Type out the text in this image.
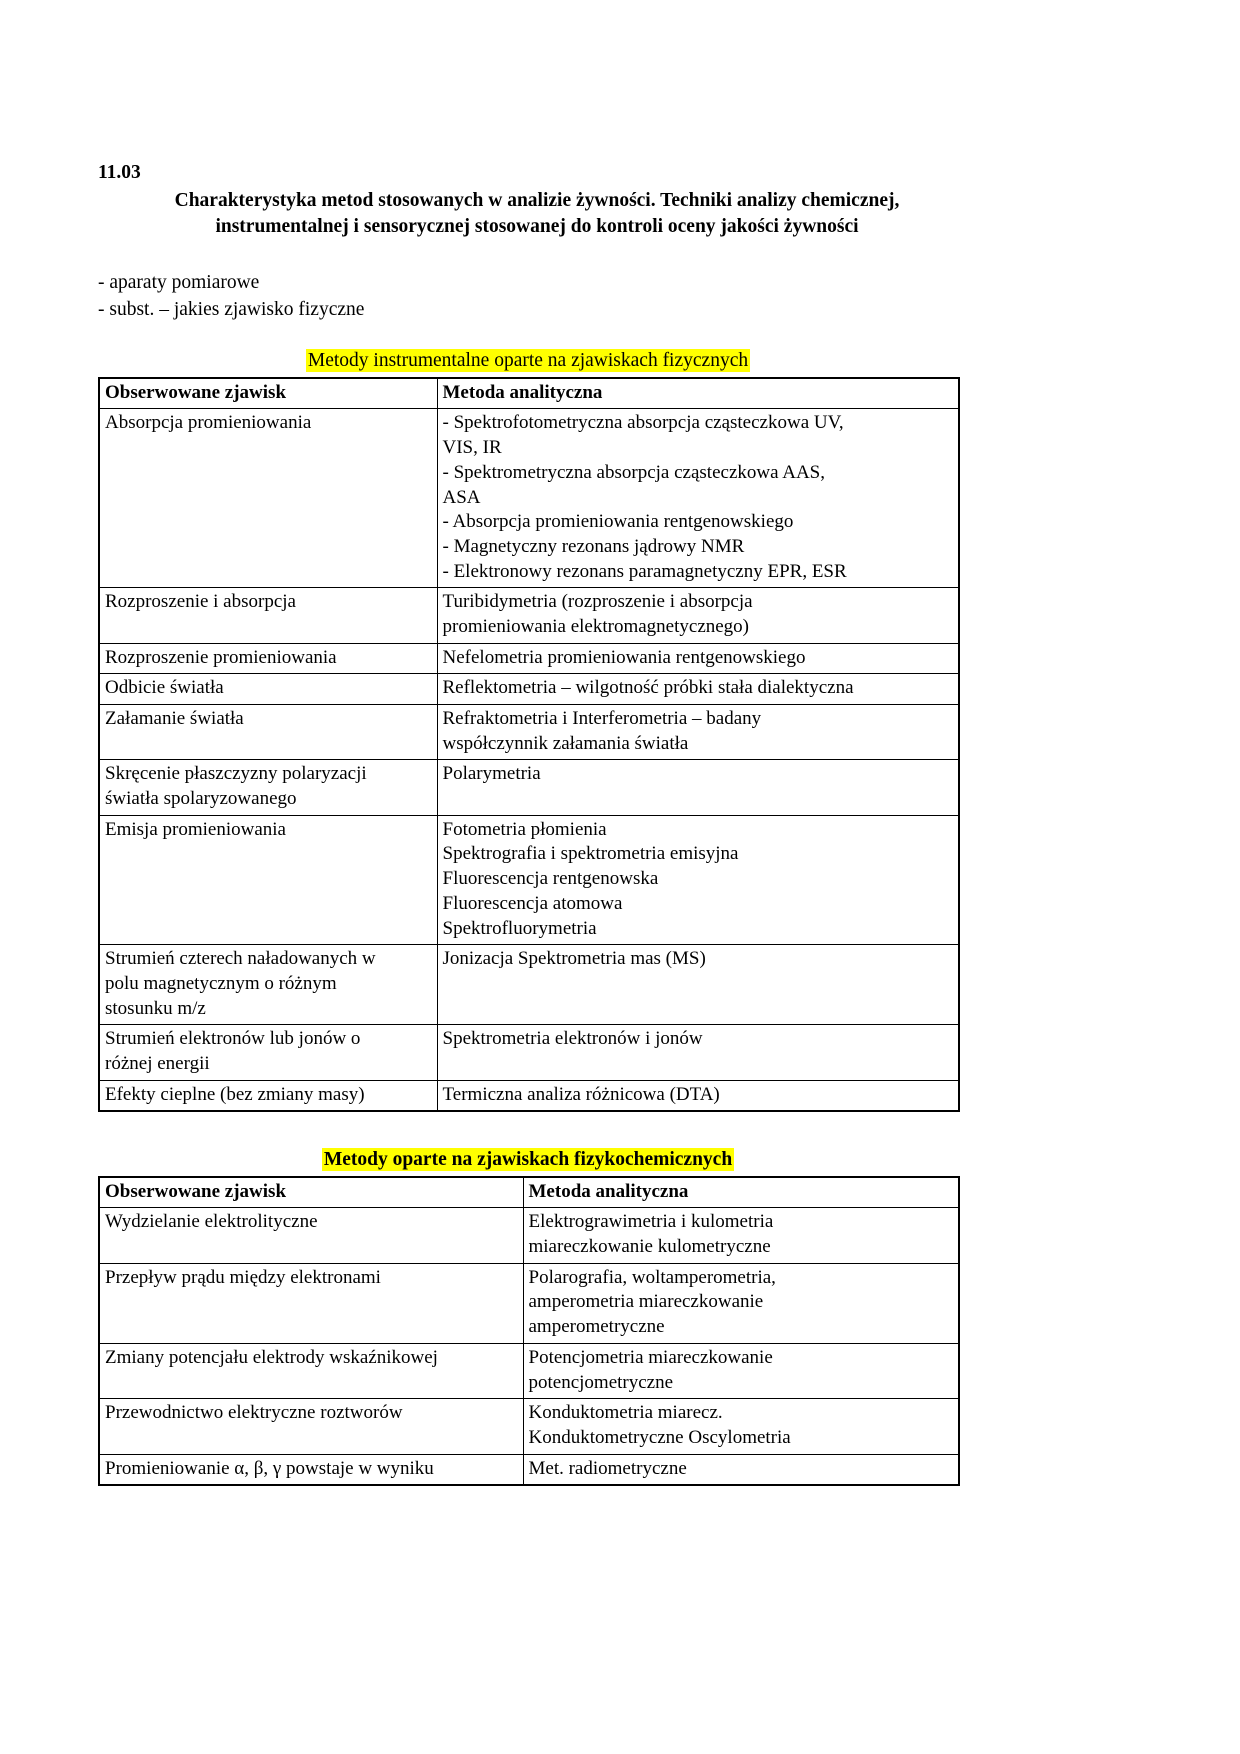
11.03
Charakterystyka metod stosowanych w analizie żywności. Techniki analizy chemicznej,
instrumentalnej i sensorycznej stosowanej do kontroli oceny jakości żywności
- aparaty pomiarowe
- subst. – jakies zjawisko fizyczne
Metody instrumentalne oparte na zjawiskach fizycznych
Obserwowane zjawisk	Metoda analityczna

Absorpcja promieniowania	- Spektrofotometryczna absorpcja cząsteczkowa UV,
VIS, IR
- Spektrometryczna absorpcja cząsteczkowa AAS,
ASA
- Absorpcja promieniowania rentgenowskiego
- Magnetyczny rezonans jądrowy NMR
- Elektronowy rezonans paramagnetyczny EPR, ESR

Rozproszenie i absorpcja	Turibidymetria (rozproszenie i absorpcja
promieniowania elektromagnetycznego)

Rozproszenie promieniowania	Nefelometria promieniowania rentgenowskiego

Odbicie światła	Reflektometria – wilgotność próbki stała dialektyczna

Załamanie światła	Refraktometria i Interferometria – badany
współczynnik załamania światła

Skręcenie płaszczyzny polaryzacji
światła spolaryzowanego	Polarymetria

Emisja promieniowania	Fotometria płomienia
Spektrografia i spektrometria emisyjna
Fluorescencja rentgenowska
Fluorescencja atomowa
Spektrofluorymetria

Strumień czterech naładowanych w
polu magnetycznym o różnym
stosunku m/z	Jonizacja Spektrometria mas (MS)

Strumień elektronów lub jonów o
różnej energii	Spektrometria elektronów i jonów

Efekty cieplne (bez zmiany masy)	Termiczna analiza różnicowa (DTA)
Metody oparte na zjawiskach fizykochemicznych
Obserwowane zjawisk	Metoda analityczna

Wydzielanie elektrolityczne	Elektrograwimetria i kulometria
miareczkowanie kulometryczne

Przepływ prądu między elektronami	Polarografia, woltamperometria,
amperometria miareczkowanie
amperometryczne

Zmiany potencjału elektrody wskaźnikowej	Potencjometria miareczkowanie
potencjometryczne

Przewodnictwo elektryczne roztworów	Konduktometria miarecz.
Konduktometryczne Oscylometria

Promieniowanie α, β, γ powstaje w wyniku	Met. radiometryczne
